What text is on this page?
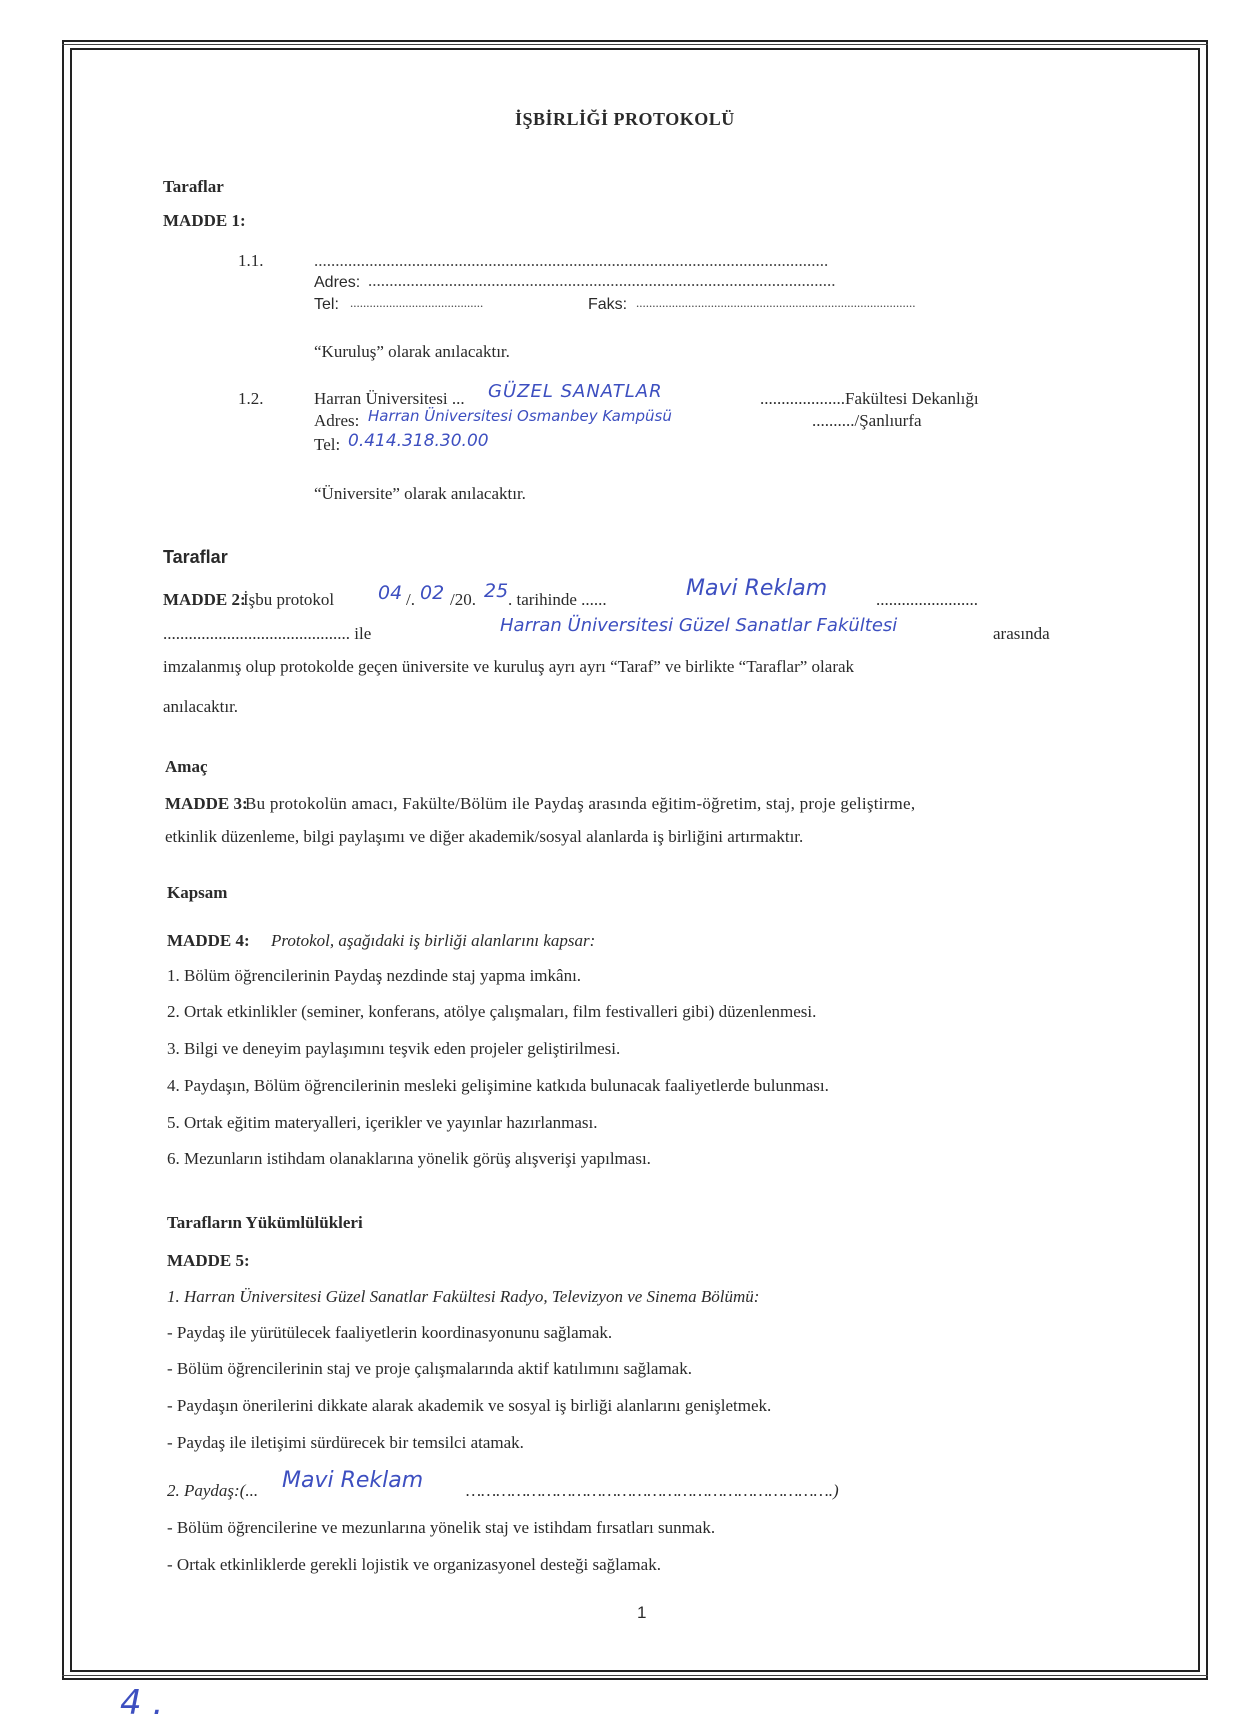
İŞBİRLİĞİ PROTOKOLÜ
Taraflar
MADDE 1:
1.1.	.........................................................................................................................
Adres: ..............................................................................................................
Tel: .........................................	Faks: ......................................................................................
“Kuruluş” olarak anılacaktır.
1.2.	Harran Üniversitesi ... GÜZEL SANATLAR	....................Fakültesi Dekanlığı
Adres: Harran Üniversitesi Osmanbey Kampüsü	........../Şanlıurfa
Tel: 0.414.318.30.00
“Üniversite” olarak anılacaktır.
Taraflar
MADDE 2:
İşbu protokol 04 /. 02 /20. 25 . tarihinde ......	Mavi Reklam	........................
............................................ ile	Harran Üniversitesi Güzel Sanatlar Fakültesi	arasında
imzalanmış olup protokolde geçen üniversite ve kuruluş ayrı ayrı “Taraf” ve birlikte “Taraflar” olarak
anılacaktır.
Amaç
MADDE 3:
Bu protokolün amacı, Fakülte/Bölüm ile Paydaş arasında eğitim-öğretim, staj, proje geliştirme,
etkinlik düzenleme, bilgi paylaşımı ve diğer akademik/sosyal alanlarda iş birliğini artırmaktır.
Kapsam
MADDE 4: Protokol, aşağıdaki iş birliği alanlarını kapsar:
1. Bölüm öğrencilerinin Paydaş nezdinde staj yapma imkânı.
2. Ortak etkinlikler (seminer, konferans, atölye çalışmaları, film festivalleri gibi) düzenlenmesi.
3. Bilgi ve deneyim paylaşımını teşvik eden projeler geliştirilmesi.
4. Paydaşın, Bölüm öğrencilerinin mesleki gelişimine katkıda bulunacak faaliyetlerde bulunması.
5. Ortak eğitim materyalleri, içerikler ve yayınlar hazırlanması.
6. Mezunların istihdam olanaklarına yönelik görüş alışverişi yapılması.
Tarafların Yükümlülükleri
MADDE 5:
1. Harran Üniversitesi Güzel Sanatlar Fakültesi Radyo, Televizyon ve Sinema Bölümü:
- Paydaş ile yürütülecek faaliyetlerin koordinasyonunu sağlamak.
- Bölüm öğrencilerinin staj ve proje çalışmalarında aktif katılımını sağlamak.
- Paydaşın önerilerini dikkate alarak akademik ve sosyal iş birliği alanlarını genişletmek.
- Paydaş ile iletişimi sürdürecek bir temsilci atamak.
2. Paydaş:(... Mavi Reklam	……………………………………………………………….)
- Bölüm öğrencilerine ve mezunlarına yönelik staj ve istihdam fırsatları sunmak.
- Ortak etkinliklerde gerekli lojistik ve organizasyonel desteği sağlamak.
1
4 .
